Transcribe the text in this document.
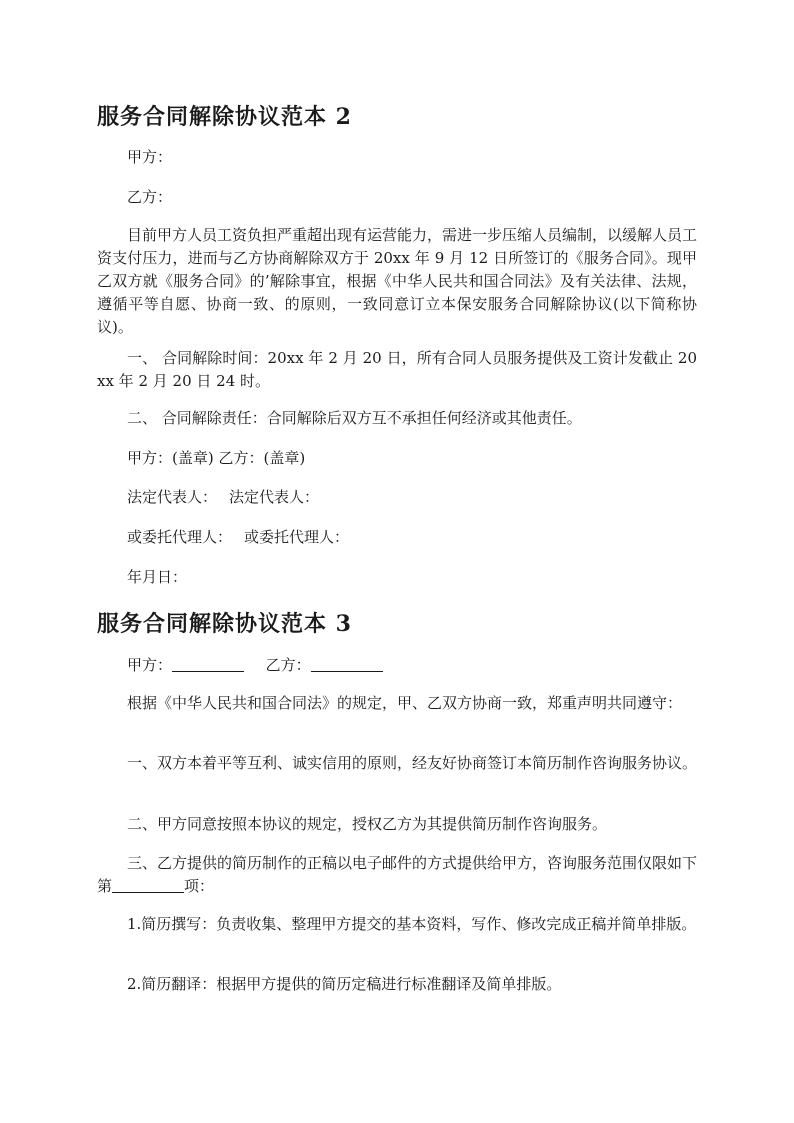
服务合同解除协议范本 2
甲方：
乙方：
目前甲方人员工资负担严重超出现有运营能力，需进一步压缩人员编制，以缓解人员工资支付压力，进而与乙方协商解除双方于 20xx 年 9 月 12 日所签订的《服务合同》。现甲乙双方就《服务合同》的’解除事宜，根据《中华人民共和国合同法》及有关法律、法规，遵循平等自愿、协商一致、的原则，一致同意订立本保安服务合同解除协议(以下简称协议)。
一、 合同解除时间：20xx 年 2 月 20 日，所有合同人员服务提供及工资计发截止 20xx 年 2 月 20 日 24 时。
二、 合同解除责任：合同解除后双方互不承担任何经济或其他责任。
甲方：(盖章) 乙方：(盖章)
法定代表人： 法定代表人：
或委托代理人： 或委托代理人：
年月日：
服务合同解除协议范本 3
甲方：	乙方：
根据《中华人民共和国合同法》的规定，甲、乙双方协商一致，郑重声明共同遵守：
一、双方本着平等互利、诚实信用的原则，经友好协商签订本简历制作咨询服务协议。
二、甲方同意按照本协议的规定，授权乙方为其提供简历制作咨询服务。
三、乙方提供的简历制作的正稿以电子邮件的方式提供给甲方，咨询服务范围仅限如下第	项：
1.简历撰写：负责收集、整理甲方提交的基本资料，写作、修改完成正稿并简单排版。
2.简历翻译：根据甲方提供的简历定稿进行标准翻译及简单排版。
